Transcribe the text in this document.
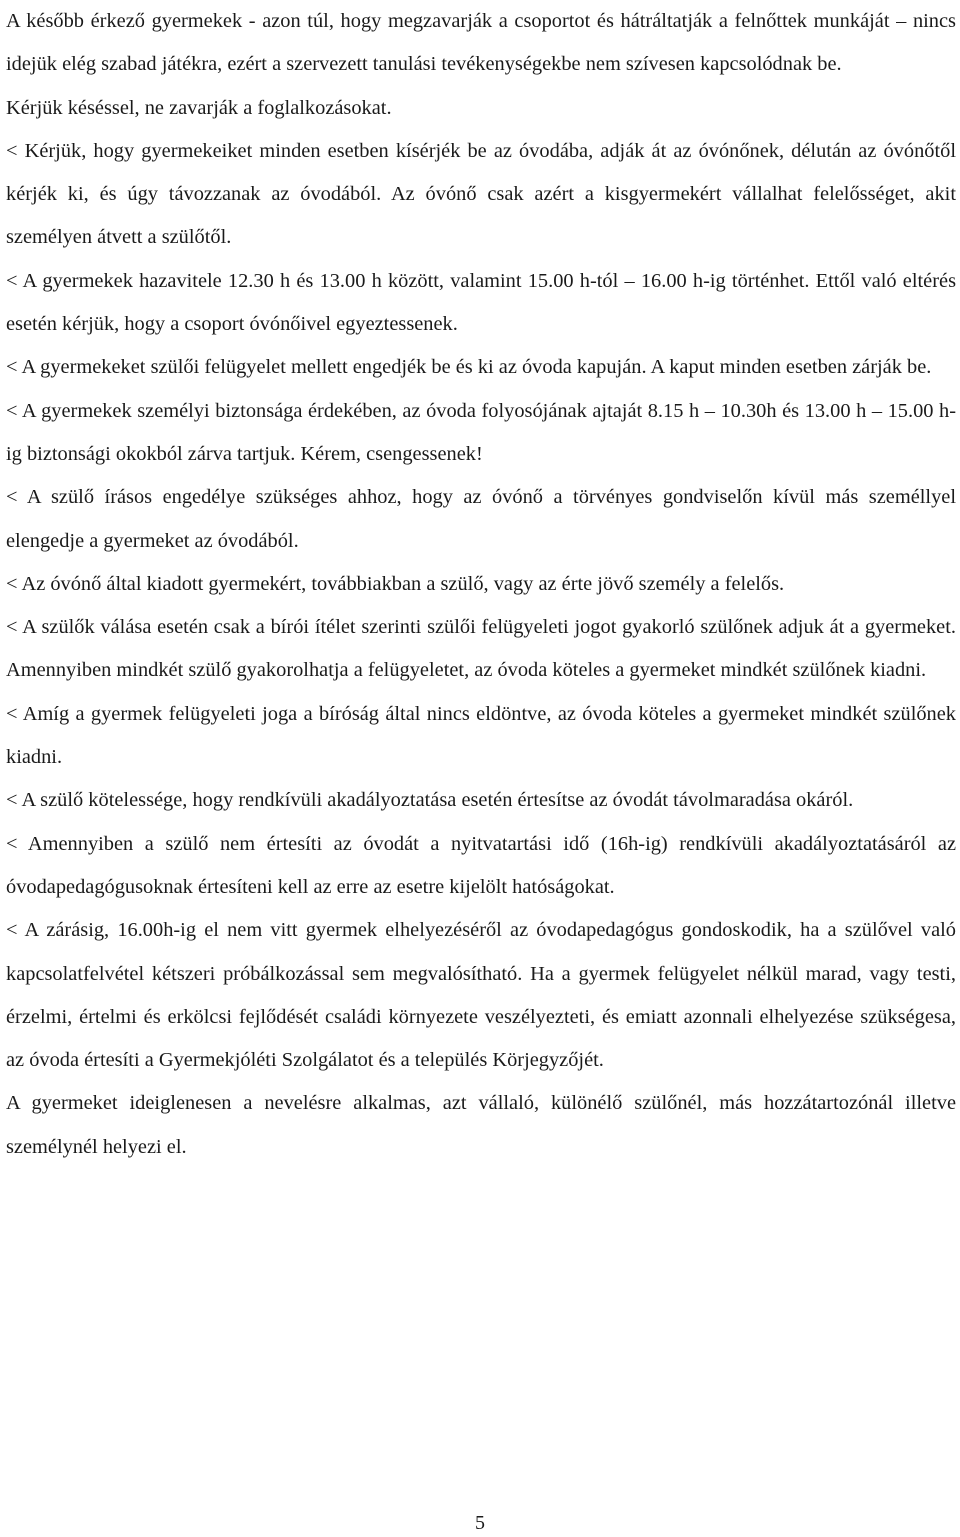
A később érkező gyermekek - azon túl, hogy megzavarják a csoportot és hátráltatják a felnőttek munkáját – nincs idejük elég szabad játékra, ezért a szervezett tanulási tevékenységekbe nem szívesen kapcsolódnak be.

Kérjük késéssel, ne zavarják a foglalkozásokat.

< Kérjük, hogy gyermekeiket minden esetben kísérjék be az óvodába, adják át az óvónőnek, délután az óvónőtől kérjék ki, és úgy távozzanak az óvodából. Az óvónő csak azért a kisgyermekért vállalhat felelősséget, akit személyen átvett a szülőtől.

< A gyermekek hazavitele 12.30 h és 13.00 h között, valamint 15.00 h-tól – 16.00 h-ig történhet. Ettől való eltérés esetén kérjük, hogy a csoport óvónőivel egyeztessenek.

< A gyermekeket szülői felügyelet mellett engedjék be és ki az óvoda kapuján. A kaput minden esetben zárják be.

< A gyermekek személyi biztonsága érdekében, az óvoda folyosójának ajtaját 8.15 h – 10.30h és 13.00 h – 15.00 h-ig biztonsági okokból zárva tartjuk. Kérem, csengessenek!

< A szülő írásos engedélye szükséges ahhoz, hogy az óvónő a törvényes gondviselőn kívül más személlyel elengedje a gyermeket az óvodából.

< Az óvónő által kiadott gyermekért, továbbiakban a szülő, vagy az érte jövő személy a felelős.

< A szülők válása esetén csak a bírói ítélet szerinti szülői felügyeleti jogot gyakorló szülőnek adjuk át a gyermeket. Amennyiben mindkét szülő gyakorolhatja a felügyeletet, az óvoda köteles a gyermeket mindkét szülőnek kiadni.

< Amíg a gyermek felügyeleti joga a bíróság által nincs eldöntve, az óvoda köteles a gyermeket mindkét szülőnek kiadni.

< A szülő kötelessége, hogy rendkívüli akadályoztatása esetén értesítse az óvodát távolmaradása okáról.

< Amennyiben a szülő nem értesíti az óvodát a nyitvatartási idő (16h-ig) rendkívüli akadályoztatásáról az óvodapedagógusoknak értesíteni kell az erre az esetre kijelölt hatóságokat.

< A zárásig, 16.00h-ig el nem vitt gyermek elhelyezéséről az óvodapedagógus gondoskodik, ha a szülővel való kapcsolatfelvétel kétszeri próbálkozással sem megvalósítható. Ha a gyermek felügyelet nélkül marad, vagy testi, érzelmi, értelmi és erkölcsi fejlődését családi környezete veszélyezteti, és emiatt azonnali elhelyezése szükségesa, az óvoda értesíti a Gyermekjóléti Szolgálatot és a település Körjegyzőjét.

A gyermeket ideiglenesen a nevelésre alkalmas, azt vállaló, különélő szülőnél, más hozzátartozónál illetve személynél helyezi el.

5
